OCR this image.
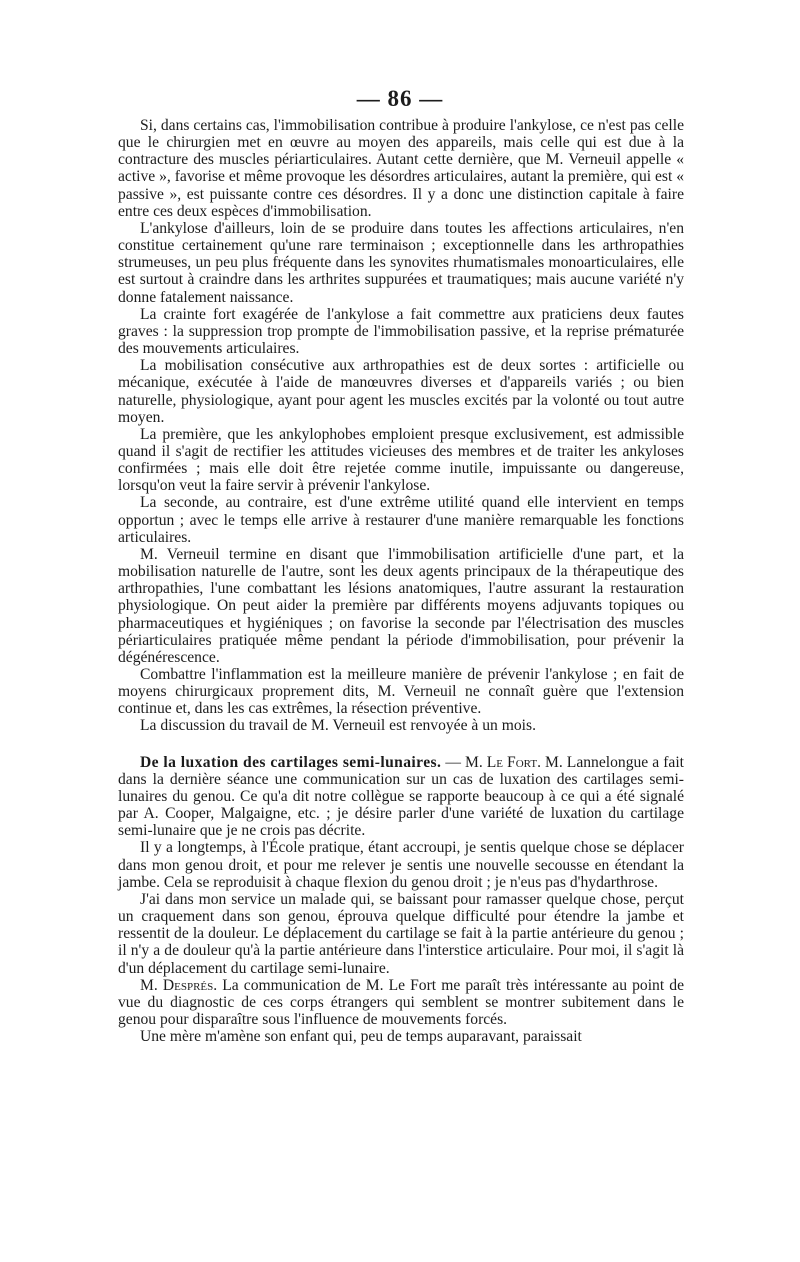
— 86 —

Si, dans certains cas, l'immobilisation contribue à produire l'ankylose, ce n'est pas celle que le chirurgien met en œuvre au moyen des appareils, mais celle qui est due à la contracture des muscles périarticulaires. Autant cette dernière, que M. Verneuil appelle « active », favorise et même provoque les désordres articulaires, autant la première, qui est « passive », est puissante contre ces désordres. Il y a donc une distinction capitale à faire entre ces deux espèces d'immobilisation.

L'ankylose d'ailleurs, loin de se produire dans toutes les affections articulaires, n'en constitue certainement qu'une rare terminaison ; exceptionnelle dans les arthropathies strumeuses, un peu plus fréquente dans les synovites rhumatismales monoarticulaires, elle est surtout à craindre dans les arthrites suppurées et traumatiques; mais aucune variété n'y donne fatalement naissance.

La crainte fort exagérée de l'ankylose a fait commettre aux praticiens deux fautes graves : la suppression trop prompte de l'immobilisation passive, et la reprise prématurée des mouvements articulaires.

La mobilisation consécutive aux arthropathies est de deux sortes : artificielle ou mécanique, exécutée à l'aide de manœuvres diverses et d'appareils variés ; ou bien naturelle, physiologique, ayant pour agent les muscles excités par la volonté ou tout autre moyen.

La première, que les ankylophobes emploient presque exclusivement, est admissible quand il s'agit de rectifier les attitudes vicieuses des membres et de traiter les ankyloses confirmées ; mais elle doit être rejetée comme inutile, impuissante ou dangereuse, lorsqu'on veut la faire servir à prévenir l'ankylose.

La seconde, au contraire, est d'une extrême utilité quand elle intervient en temps opportun ; avec le temps elle arrive à restaurer d'une manière remarquable les fonctions articulaires.

M. Verneuil termine en disant que l'immobilisation artificielle d'une part, et la mobilisation naturelle de l'autre, sont les deux agents principaux de la thérapeutique des arthropathies, l'une combattant les lésions anatomiques, l'autre assurant la restauration physiologique. On peut aider la première par différents moyens adjuvants topiques ou pharmaceutiques et hygiéniques ; on favorise la seconde par l'électrisation des muscles périarticulaires pratiquée même pendant la période d'immobilisation, pour prévenir la dégénérescence.

Combattre l'inflammation est la meilleure manière de prévenir l'ankylose ; en fait de moyens chirurgicaux proprement dits, M. Verneuil ne connaît guère que l'extension continue et, dans les cas extrêmes, la résection préventive.

La discussion du travail de M. Verneuil est renvoyée à un mois.

De la luxation des cartilages semi-lunaires. — M. Le Fort. M. Lannelongue a fait dans la dernière séance une communication sur un cas de luxation des cartilages semi-lunaires du genou. Ce qu'a dit notre collègue se rapporte beaucoup à ce qui a été signalé par A. Cooper, Malgaigne, etc. ; je désire parler d'une variété de luxation du cartilage semi-lunaire que je ne crois pas décrite.

Il y a longtemps, à l'École pratique, étant accroupi, je sentis quelque chose se déplacer dans mon genou droit, et pour me relever je sentis une nouvelle secousse en étendant la jambe. Cela se reproduisit à chaque flexion du genou droit ; je n'eus pas d'hydarthrose.

J'ai dans mon service un malade qui, se baissant pour ramasser quelque chose, perçut un craquement dans son genou, éprouva quelque difficulté pour étendre la jambe et ressentit de la douleur. Le déplacement du cartilage se fait à la partie antérieure du genou ; il n'y a de douleur qu'à la partie antérieure dans l'interstice articulaire. Pour moi, il s'agit là d'un déplacement du cartilage semi-lunaire.

M. Després. La communication de M. Le Fort me paraît très intéressante au point de vue du diagnostic de ces corps étrangers qui semblent se montrer subitement dans le genou pour disparaître sous l'influence de mouvements forcés.

Une mère m'amène son enfant qui, peu de temps auparavant, paraissait
